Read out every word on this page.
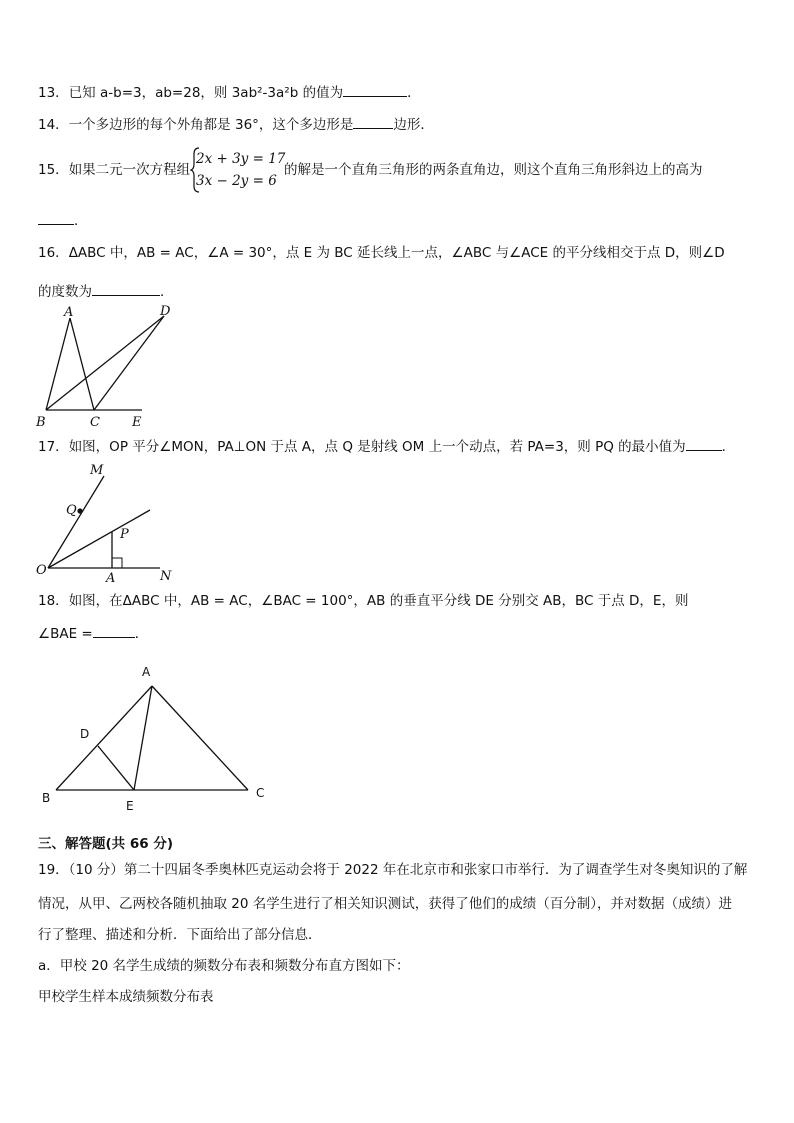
13．已知 a-b=3，ab=28，则 3ab²-3a²b 的值为	．
14．一个多边形的每个外角都是 36°，这个多边形是	边形．
15．如果二元一次方程组
2x + 3y = 17
3x − 2y = 6
的解是一个直角三角形的两条直角边，则这个直角三角形斜边上的高为
．
16．ΔABC 中，AB = AC，∠A = 30°，点 E 为 BC 延长线上一点，∠ABC 与∠ACE 的平分线相交于点 D，则∠D
的度数为	．
A	D
B	C E
17．如图，OP 平分∠MON，PA⊥ON 于点 A，点 Q 是射线 OM 上一个动点，若 PA=3，则 PQ 的最小值为	．
M
Q
P
O
A	N
18．如图，在ΔABC 中，AB = AC，∠BAC = 100°，AB 的垂直平分线 DE 分别交 AB，BC 于点 D，E，则
∠BAE =	．
A
D
B
E
C
三、解答题(共 66 分)
19．（10 分）第二十四届冬季奥林匹克运动会将于 2022 年在北京市和张家口市举行．为了调查学生对冬奥知识的了解
情况，从甲、乙两校各随机抽取 20 名学生进行了相关知识测试，获得了他们的成绩（百分制），并对数据（成绩）进
行了整理、描述和分析．下面给出了部分信息．
a．甲校 20 名学生成绩的频数分布表和频数分布直方图如下：
甲校学生样本成绩频数分布表
